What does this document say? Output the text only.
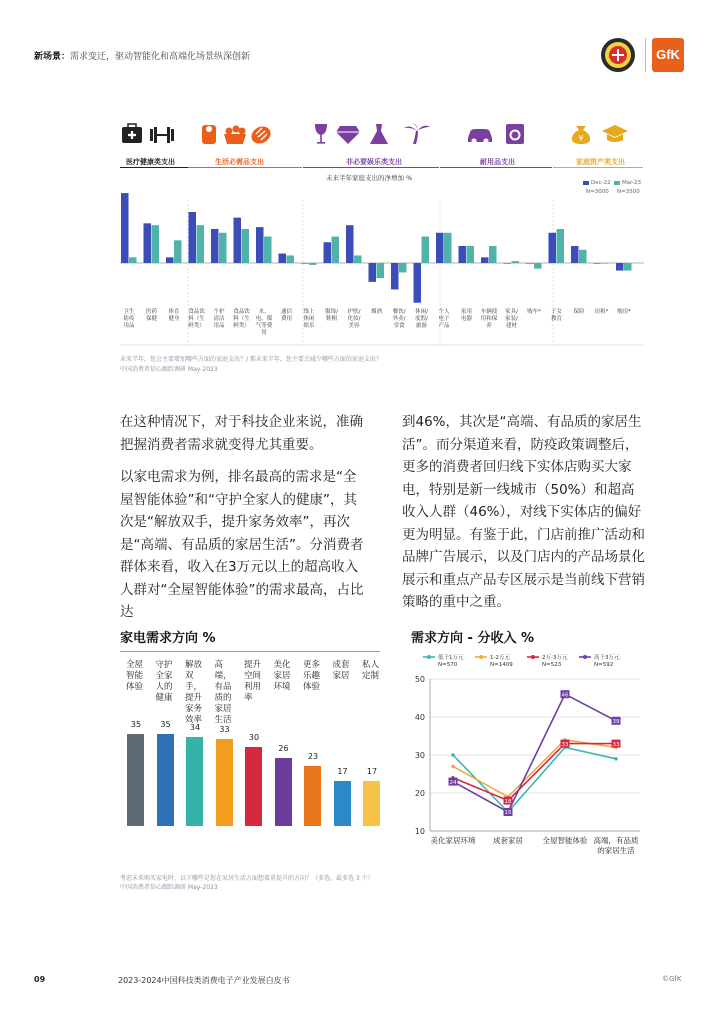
新场景：需求变迁，驱动智能化和高端化场景纵深创新	GfK
¥
医疗健康类支出	生活必需品支出	非必要娱乐类支出	耐用品支出	家庭资产类支出
未来半年家庭支出的净增加 %
Dec-22	Mar-23
N=3000 N=3500
卫生
防疫
用品
医药
保健
体育
健身
食品饮
料（生
鲜类）
个护
清洁
用品
食品饮
料（生
鲜类）
水、
电、煤
气等费
用
通信
费用
线上
休闲
娱乐
服饰/
鞋帽
护肤/
化妆/
美容
烟酒	餐饮/
外卖/
堂食
休闲/
度假/
旅游
个人
电子
产品
家用
电器
车辆使
用和保
养
家具/
家装/
建材
购车*	子女
教育
保险	房租*	购房*
未来半年，您会主要增加哪些方面的家庭支出？/ 那未来半年，您主要会减少哪些方面的家庭支出？
中国消费者信心跟踪调研 May-2023

在这种情况下，对于科技企业来说，准确把握消费者需求就变得尤其重要。

以家电需求为例，排名最高的需求是“全屋智能体验”和“守护全家人的健康”，其次是“解放双手，提升家务效率”，再次是“高端、有品质的家居生活”。分消费者群体来看，收入在3万元以上的超高收入人群对“全屋智能体验”的需求最高，占比达

到46%，其次是“高端、有品质的家居生活”。而分渠道来看，防疫政策调整后，更多的消费者回归线下实体店购买大家电，特别是新一线城市（50%）和超高收入人群（46%），对线下实体店的偏好更为明显。有鉴于此，门店前推广活动和品牌广告展示，以及门店内的产品场景化展示和重点产品专区展示是当前线下营销策略的重中之重。

家电需求方向 %
全屋
智能
体验
守护
全家
人的
健康
解放
双手，
提升
家务
效率
高端，
有品
质的
家居
生活
提升
空间
利用
率
美化
家居
环境
更多
乐趣
体验
成套
家居
私人
定制
35	35	34	33
30
26
23
17	17
需求方向 - 分收入 %
10
20
30
40
50
低于1万元
N=570
1-2万元
N=1409
2万-3万元
N=523
高于3万元
N=592
24
15
46
39
18
33	33
美化家居环境 成套家居	全屋智能体验 高端，有品质
的家居生活
考虑未来购买家电时，以下哪些是您在家居生活方面想着重提升的方向？（多选，最多选 3 个）
中国消费者信心跟踪调研 May-2023
09	2023-2024中国科技类消费电子产业发展白皮书	©GfK
